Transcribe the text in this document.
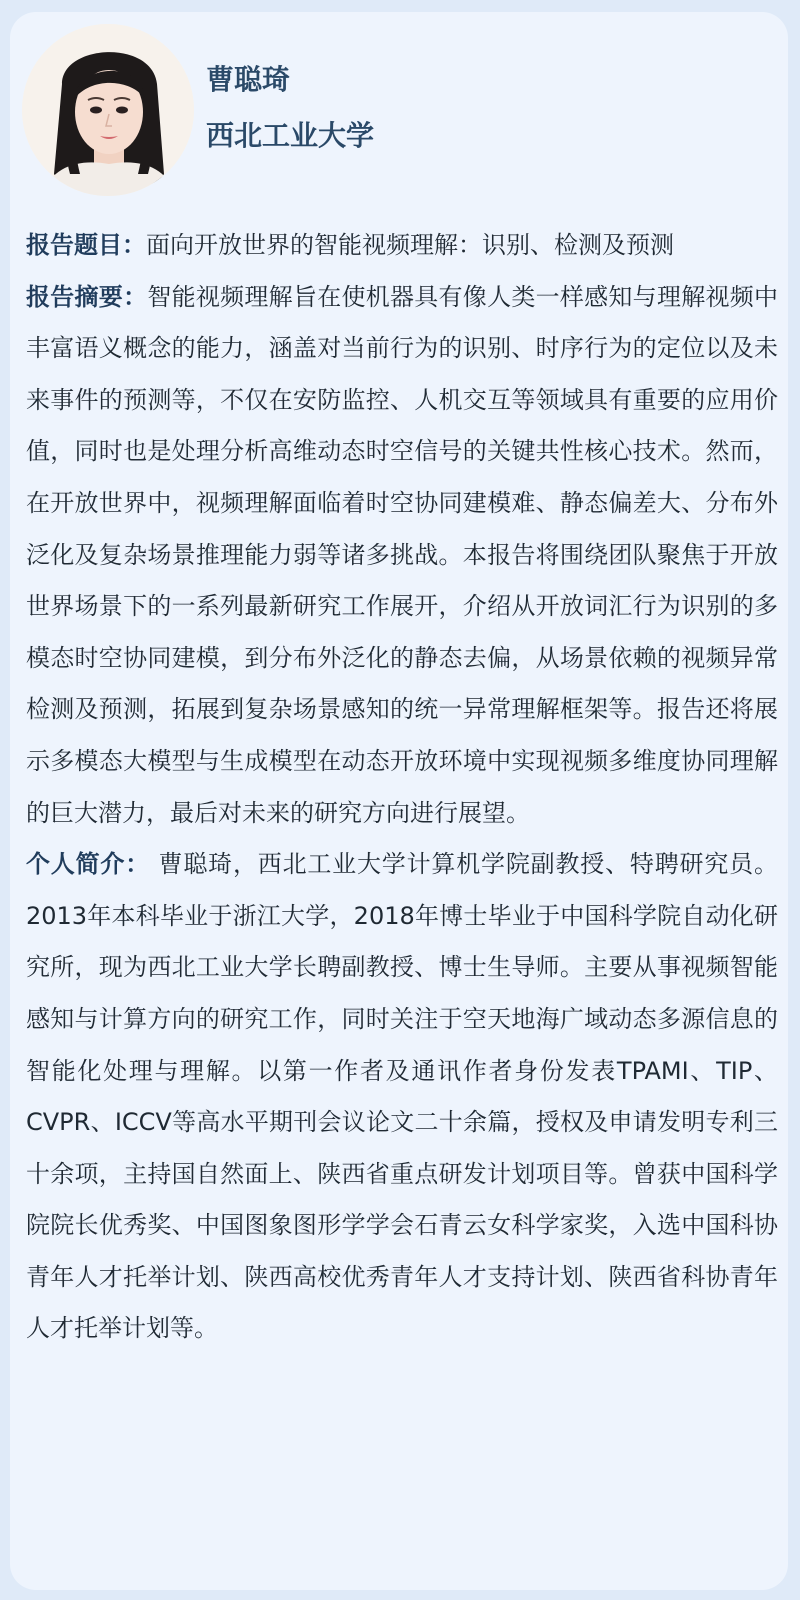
曹聪琦
西北工业大学

报告题目：面向开放世界的智能视频理解：识别、检测及预测

报告摘要：智能视频理解旨在使机器具有像人类一样感知与理解视频中丰富语义概念的能力，涵盖对当前行为的识别、时序行为的定位以及未来事件的预测等，不仅在安防监控、人机交互等领域具有重要的应用价值，同时也是处理分析高维动态时空信号的关键共性核心技术。然而，在开放世界中，视频理解面临着时空协同建模难、静态偏差大、分布外泛化及复杂场景推理能力弱等诸多挑战。本报告将围绕团队聚焦于开放世界场景下的一系列最新研究工作展开，介绍从开放词汇行为识别的多模态时空协同建模，到分布外泛化的静态去偏，从场景依赖的视频异常检测及预测，拓展到复杂场景感知的统一异常理解框架等。报告还将展示多模态大模型与生成模型在动态开放环境中实现视频多维度协同理解的巨大潜力，最后对未来的研究方向进行展望。

个人简介： 曹聪琦，西北工业大学计算机学院副教授、特聘研究员。2013年本科毕业于浙江大学，2018年博士毕业于中国科学院自动化研究所，现为西北工业大学长聘副教授、博士生导师。主要从事视频智能感知与计算方向的研究工作，同时关注于空天地海广域动态多源信息的智能化处理与理解。以第一作者及通讯作者身份发表TPAMI、TIP、CVPR、ICCV等高水平期刊会议论文二十余篇，授权及申请发明专利三十余项，主持国自然面上、陕西省重点研发计划项目等。曾获中国科学院院长优秀奖、中国图象图形学学会石青云女科学家奖，入选中国科协青年人才托举计划、陕西高校优秀青年人才支持计划、陕西省科协青年人才托举计划等。
